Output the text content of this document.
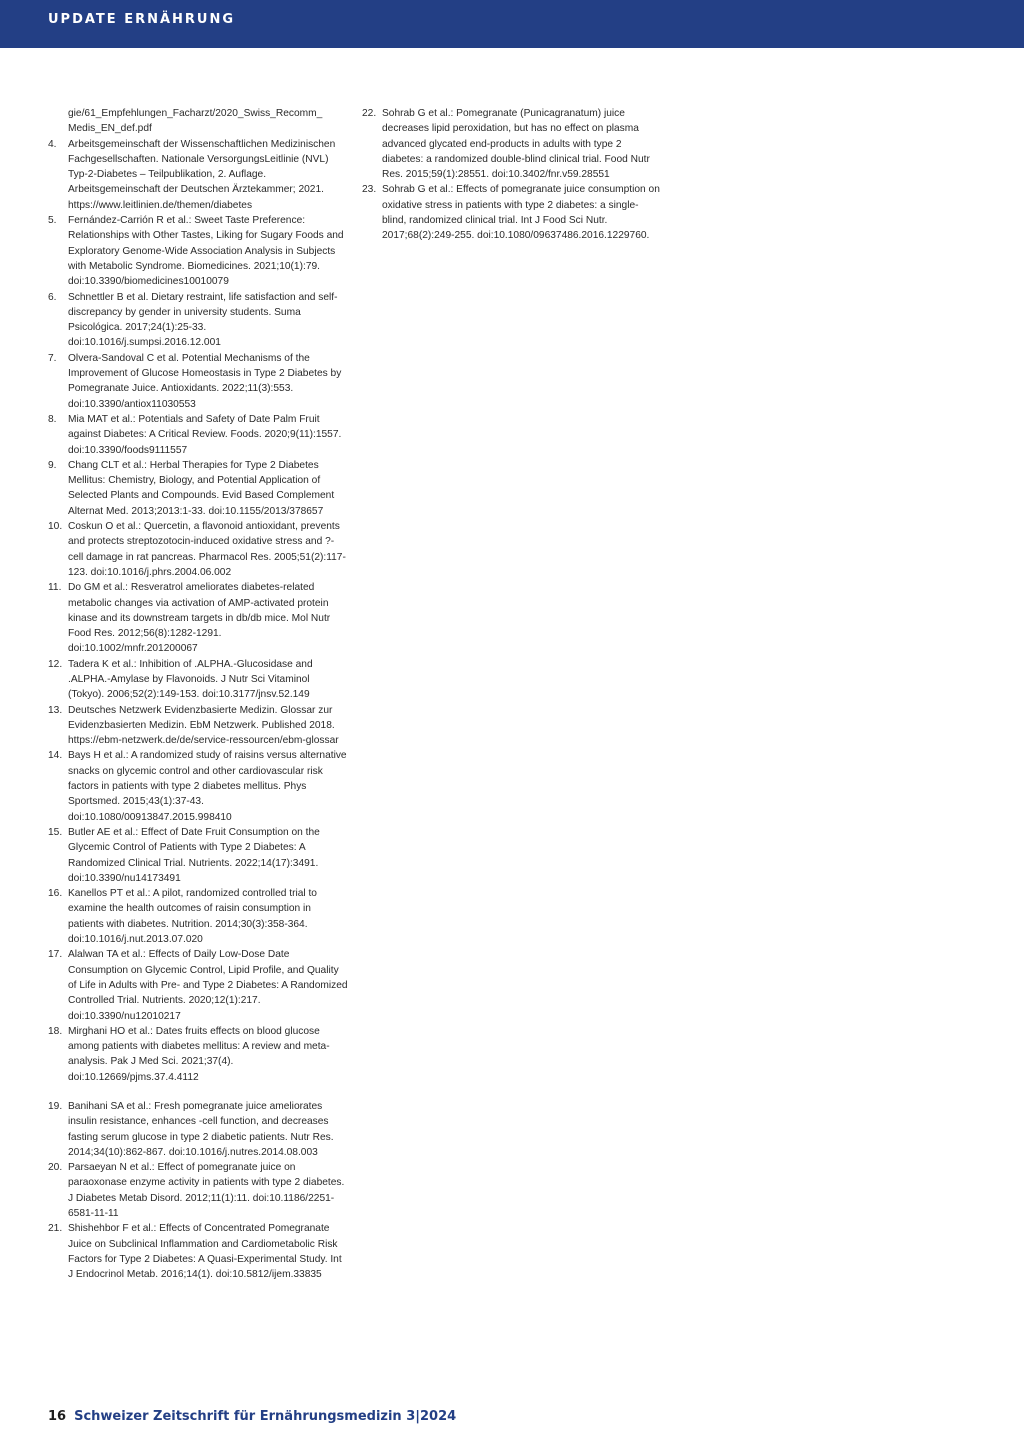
UPDATE ERNÄHRUNG
gie/61_Empfehlungen_Facharzt/2020_Swiss_Recomm_ Medis_EN_def.pdf
4.	Arbeitsgemeinschaft der Wissenschaftlichen Medizinischen Fachgesellschaften. Nationale VersorgungsLeitlinie (NVL) Typ-2-Diabetes – Teilpublikation, 2. Auflage. Arbeitsgemeinschaft der Deutschen Ärztekammer; 2021. https://www.leitlinien.de/themen/diabetes
5.	Fernández-Carrión R et al.: Sweet Taste Preference: Relationships with Other Tastes, Liking for Sugary Foods and Exploratory Genome-Wide Association Analysis in Subjects with Metabolic Syndrome. Biomedicines. 2021;10(1):79. doi:10.3390/biomedicines10010079
6.	Schnettler B et al. Dietary restraint, life satisfaction and self-discrepancy by gender in university students. Suma Psicológica. 2017;24(1):25-33. doi:10.1016/j.sumpsi.2016.12.001
7.	Olvera-Sandoval C et al. Potential Mechanisms of the Improvement of Glucose Homeostasis in Type 2 Diabetes by Pomegranate Juice. Antioxidants. 2022;11(3):553. doi:10.3390/antiox11030553
8.	Mia MAT et al.: Potentials and Safety of Date Palm Fruit against Diabetes: A Critical Review. Foods. 2020;9(11):1557. doi:10.3390/foods9111557
9.	Chang CLT et al.: Herbal Therapies for Type 2 Diabetes Mellitus: Chemistry, Biology, and Potential Application of Selected Plants and Compounds. Evid Based Complement Alternat Med. 2013;2013:1-33. doi:10.1155/2013/378657
10. Coskun O et al.: Quercetin, a flavonoid antioxidant, prevents and protects streptozotocin-induced oxidative stress and ?-cell damage in rat pancreas. Pharmacol Res. 2005;51(2):117-123. doi:10.1016/j.phrs.2004.06.002
11. Do GM et al.: Resveratrol ameliorates diabetes-related metabolic changes via activation of AMP-activated protein kinase and its downstream targets in db/db mice. Mol Nutr Food Res. 2012;56(8):1282-1291. doi:10.1002/mnfr.201200067
12. Tadera K et al.: Inhibition of .ALPHA.-Glucosidase and .ALPHA.-Amylase by Flavonoids. J Nutr Sci Vitaminol (Tokyo). 2006;52(2):149-153. doi:10.3177/jnsv.52.149
13. Deutsches Netzwerk Evidenzbasierte Medizin. Glossar zur Evidenzbasierten Medizin. EbM Netzwerk. Published 2018. https://ebm-netzwerk.de/de/service-ressourcen/ebm-glossar
14. Bays H et al.: A randomized study of raisins versus alternative snacks on glycemic control and other cardiovascular risk factors in patients with type 2 diabetes mellitus. Phys Sportsmed. 2015;43(1):37-43. doi:10.1080/00913847.2015.998410
15. Butler AE et al.: Effect of Date Fruit Consumption on the Glycemic Control of Patients with Type 2 Diabetes: A Randomized Clinical Trial. Nutrients. 2022;14(17):3491. doi:10.3390/nu14173491
16. Kanellos PT et al.: A pilot, randomized controlled trial to examine the health outcomes of raisin consumption in patients with diabetes. Nutrition. 2014;30(3):358-364. doi:10.1016/j.nut.2013.07.020
17. Alalwan TA et al.: Effects of Daily Low-Dose Date Consumption on Glycemic Control, Lipid Profile, and Quality of Life in Adults with Pre- and Type 2 Diabetes: A Randomized Controlled Trial. Nutrients. 2020;12(1):217. doi:10.3390/nu12010217
18. Mirghani HO et al.: Dates fruits effects on blood glucose among patients with diabetes mellitus: A review and meta-analysis. Pak J Med Sci. 2021;37(4). doi:10.12669/pjms.37.4.4112
19. Banihani SA et al.: Fresh pomegranate juice ameliorates insulin resistance, enhances -cell function, and decreases fasting serum glucose in type 2 diabetic patients. Nutr Res. 2014;34(10):862-867. doi:10.1016/j.nutres.2014.08.003
20. Parsaeyan N et al.: Effect of pomegranate juice on paraoxonase enzyme activity in patients with type 2 diabetes. J Diabetes Metab Disord. 2012;11(1):11. doi:10.1186/2251-6581-11-11
21. Shishehbor F et al.: Effects of Concentrated Pomegranate Juice on Subclinical Inflammation and Cardiometabolic Risk Factors for Type 2 Diabetes: A Quasi-Experimental Study. Int J Endocrinol Metab. 2016;14(1). doi:10.5812/ijem.33835
22. Sohrab G et al.: Pomegranate (Punicagranatum) juice decreases lipid peroxidation, but has no effect on plasma advanced glycated end-products in adults with type 2 diabetes: a randomized double-blind clinical trial. Food Nutr Res. 2015;59(1):28551. doi:10.3402/fnr.v59.28551
23. Sohrab G et al.: Effects of pomegranate juice consumption on oxidative stress in patients with type 2 diabetes: a single-blind, randomized clinical trial. Int J Food Sci Nutr. 2017;68(2):249-255. doi:10.1080/09637486.2016.1229760.
16 Schweizer Zeitschrift für Ernährungsmedizin 3|2024
